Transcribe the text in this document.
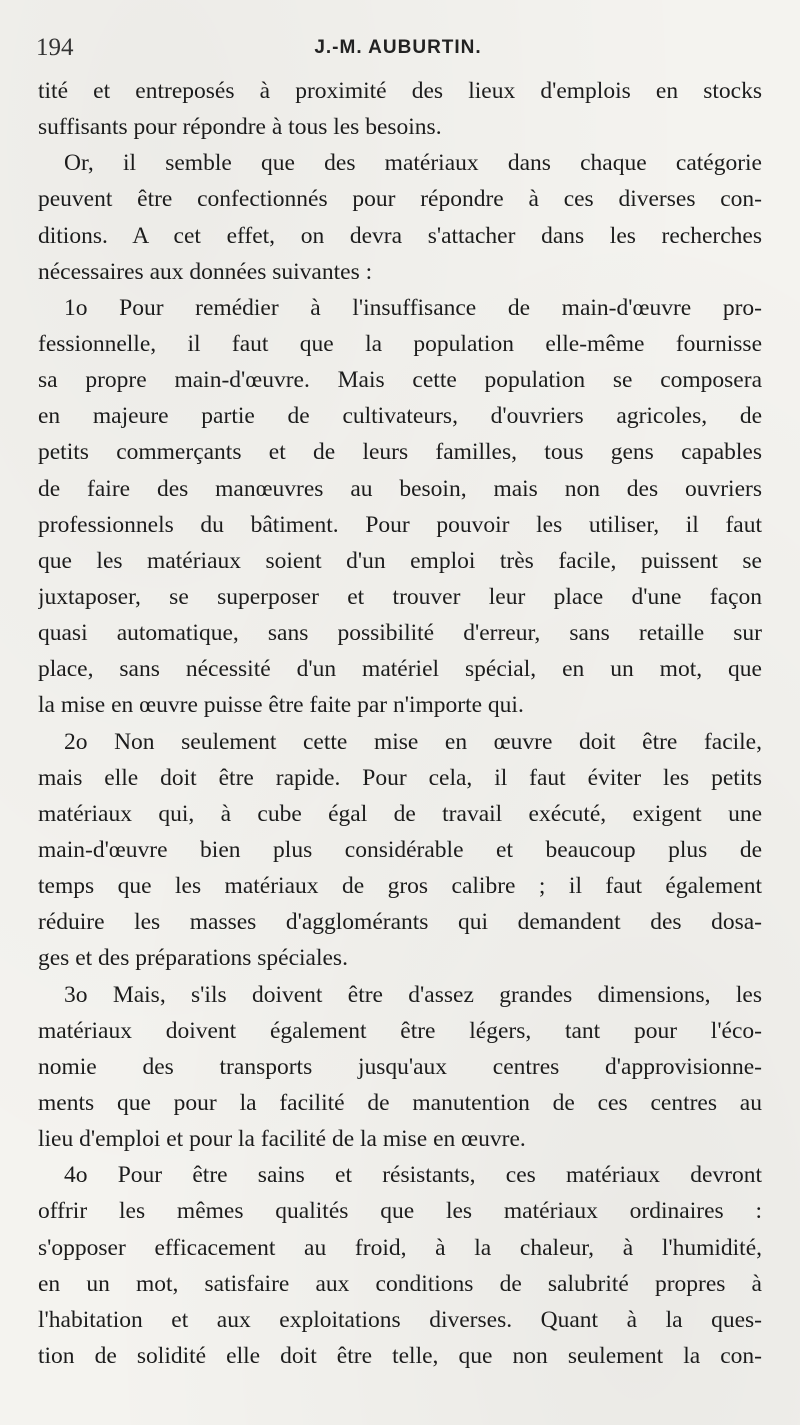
194	J.-M. AUBURTIN.
tité et entreposés à proximité des lieux d'emplois en stocks
suffisants pour répondre à tous les besoins.
Or, il semble que des matériaux dans chaque catégorie
peuvent être confectionnés pour répondre à ces diverses con-
ditions. A cet effet, on devra s'attacher dans les recherches
nécessaires aux données suivantes :
1o Pour remédier à l'insuffisance de main-d'œuvre pro-
fessionnelle, il faut que la population elle-même fournisse
sa propre main-d'œuvre. Mais cette population se composera
en majeure partie de cultivateurs, d'ouvriers agricoles, de
petits commerçants et de leurs familles, tous gens capables
de faire des manœuvres au besoin, mais non des ouvriers
professionnels du bâtiment. Pour pouvoir les utiliser, il faut
que les matériaux soient d'un emploi très facile, puissent se
juxtaposer, se superposer et trouver leur place d'une façon
quasi automatique, sans possibilité d'erreur, sans retaille sur
place, sans nécessité d'un matériel spécial, en un mot, que
la mise en œuvre puisse être faite par n'importe qui.
2o Non seulement cette mise en œuvre doit être facile,
mais elle doit être rapide. Pour cela, il faut éviter les petits
matériaux qui, à cube égal de travail exécuté, exigent une
main-d'œuvre bien plus considérable et beaucoup plus de
temps que les matériaux de gros calibre ; il faut également
réduire les masses d'agglomérants qui demandent des dosa-
ges et des préparations spéciales.
3o Mais, s'ils doivent être d'assez grandes dimensions, les
matériaux doivent également être légers, tant pour l'éco-
nomie des transports jusqu'aux centres d'approvisionne-
ments que pour la facilité de manutention de ces centres au
lieu d'emploi et pour la facilité de la mise en œuvre.
4o Pour être sains et résistants, ces matériaux devront
offrir les mêmes qualités que les matériaux ordinaires :
s'opposer efficacement au froid, à la chaleur, à l'humidité,
en un mot, satisfaire aux conditions de salubrité propres à
l'habitation et aux exploitations diverses. Quant à la ques-
tion de solidité elle doit être telle, que non seulement la con-
